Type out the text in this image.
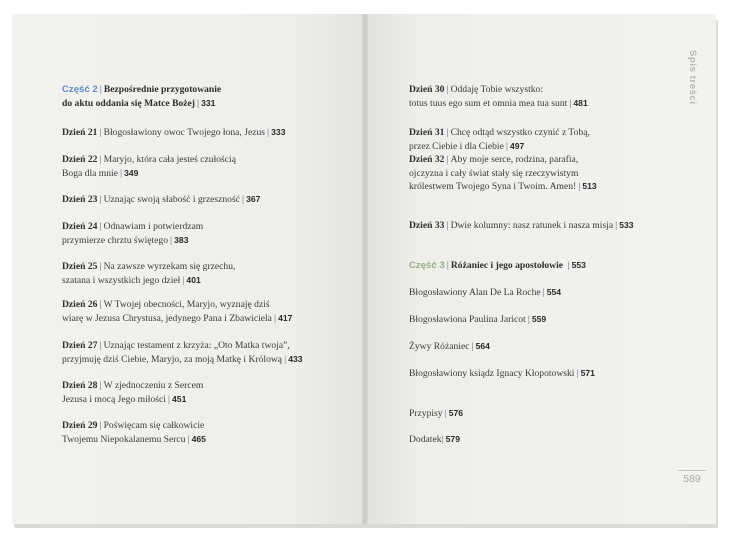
Część 2 | Bezpośrednie przygotowanie
do aktu oddania się Matce Bożej | 331
Dzień 21 | Błogosławiony owoc Twojego łona, Jezus | 333
Dzień 22 | Maryjo, która cała jesteś czułością
Boga dla mnie | 349
Dzień 23 | Uznając swoją słabość i grzeszność | 367
Dzień 24 | Odnawiam i potwierdzam
przymierze chrztu świętego | 383
Dzień 25 | Na zawsze wyrzekam się grzechu,
szatana i wszystkich jego dzieł | 401
Dzień 26 | W Twojej obecności, Maryjo, wyznaję dziś
wiarę w Jezusa Chrystusa, jedynego Pana i Zbawiciela | 417
Dzień 27 | Uznając testament z krzyża: „Oto Matka twoja”,
przyjmuję dziś Ciebie, Maryjo, za moją Matkę i Królową | 433
Dzień 28 | W zjednoczeniu z Sercem
Jezusa i mocą Jego miłości | 451
Dzień 29 | Poświęcam się całkowicie
Twojemu Niepokalanemu Sercu | 465
Dzień 30 | Oddaję Tobie wszystko:
totus tuus ego sum et omnia mea tua sunt | 481
Dzień 31 | Chcę odtąd wszystko czynić z Tobą,
przez Ciebie i dla Ciebie | 497
Dzień 32 | Aby moje serce, rodzina, parafia,
ojczyzna i cały świat stały się rzeczywistym
królestwem Twojego Syna i Twoim. Amen! | 513
Dzień 33 | Dwie kolumny: nasz ratunek i nasza misja | 533
Część 3 | Różaniec i jego apostołowie | 553
Błogosławiony Alan De La Roche | 554
Błogosławiona Paulina Jaricot | 559
Żywy Różaniec | 564
Błogosławiony ksiądz Ignacy Kłopotowski | 571
Przypisy | 576
Dodatek| 579
Spis treści
589
